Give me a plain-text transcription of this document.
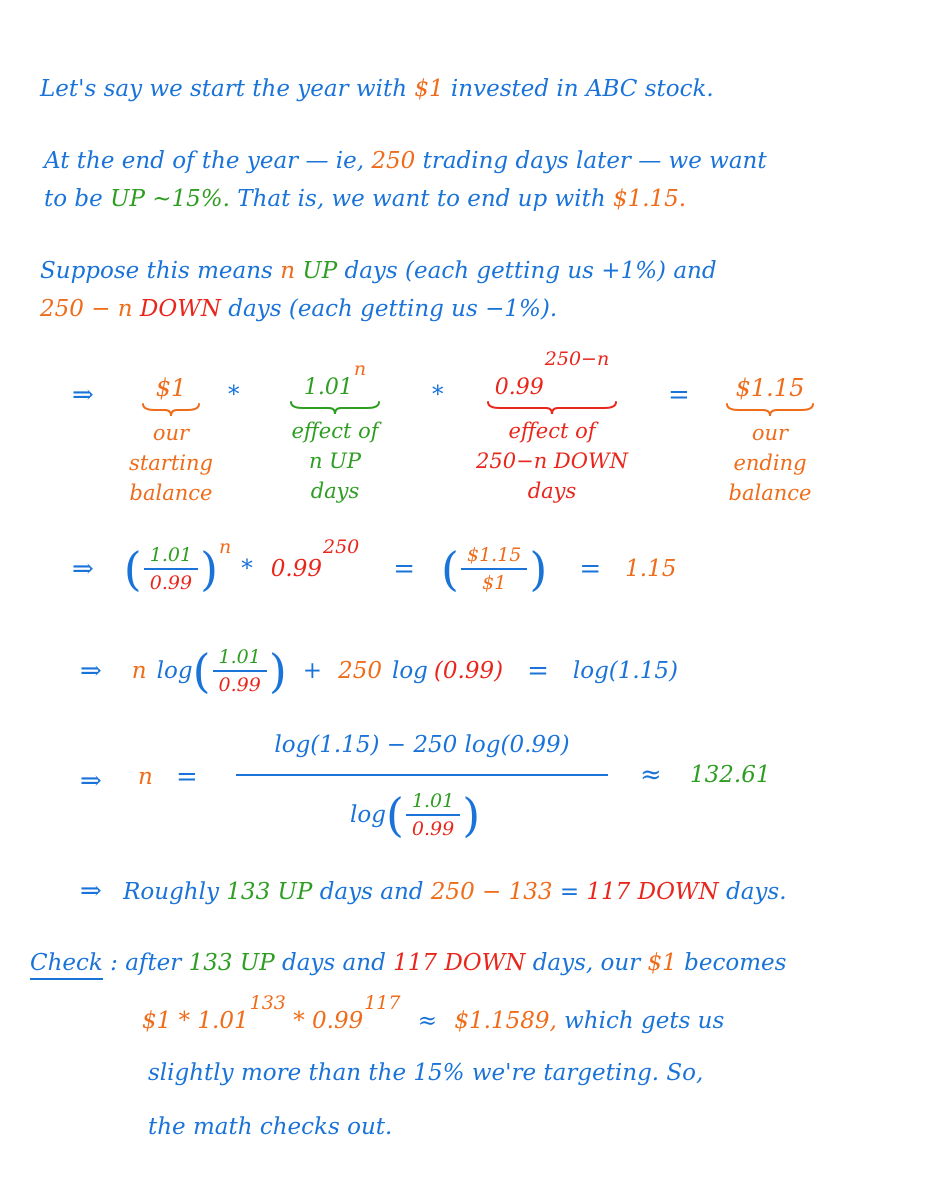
Let's say we start the year with $1 invested in ABC stock.
At the end of the year — ie, 250 trading days later — we want
to be UP ~15%. That is, we want to end up with $1.15.
Suppose this means n UP days (each getting us +1%) and
250 − n DOWN days (each getting us −1%).
⇒	$1
our
starting
balance
*	1.01n
effect of
n UP
days
*	0.99250−n
effect of
250−n DOWN
days
=	$1.15
our
ending
balance
⇒ ( $\frac{1.01}{0.99}$ ) n
* 0.99
250
= ( $\frac{\$1.15}{\$1}$ ) = 1.15
⇒ n log ( $\frac{1.01}{0.99}$ ) + 250 log (0.99) = log(1.15)
⇒ n =
log(1.15) − 250 log(0.99)
log ( $\frac{1.01}{0.99}$ )
≈ 132.61
⇒ Roughly 133 UP days and 250 − 133 = 117 DOWN days.
Check : after 133 UP days and 117 DOWN days, our $1 becomes
$1 * 1.01133 * 0.99117 ≈ $1.1589, which gets us
slightly more than the 15% we're targeting. So,
the math checks out.
